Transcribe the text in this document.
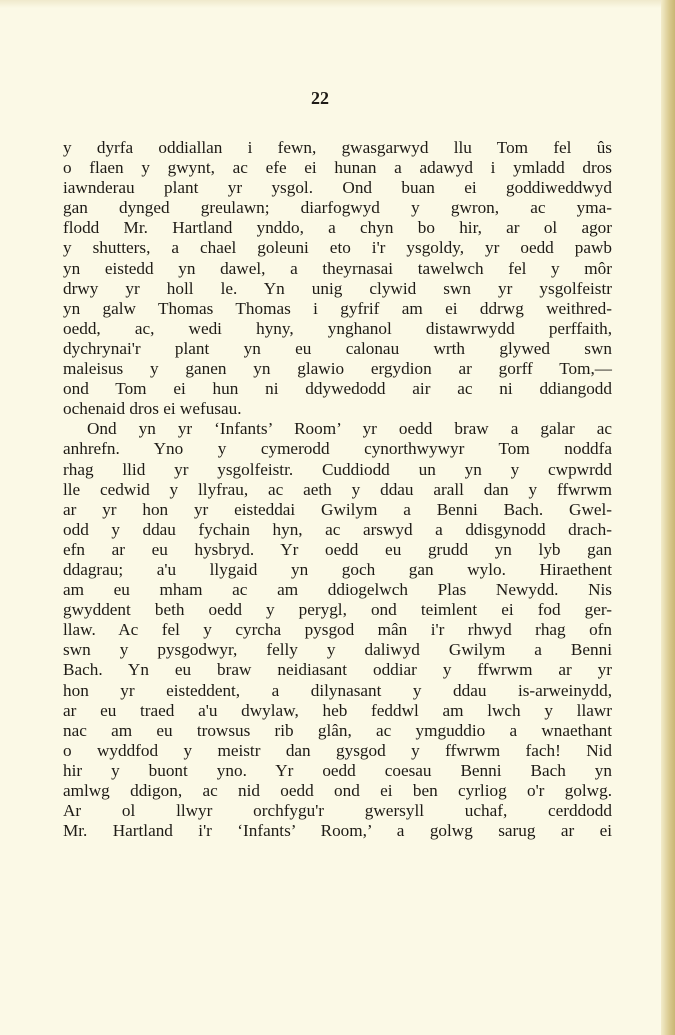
22
y dyrfa oddiallan i fewn, gwasgarwyd llu Tom fel ûs
o flaen y gwynt, ac efe ei hunan a adawyd i ymladd dros
iawnderau plant yr ysgol. Ond buan ei goddiweddwyd
gan dynged greulawn; diarfogwyd y gwron, ac yma-
flodd Mr. Hartland ynddo, a chyn bo hir, ar ol agor
y shutters, a chael goleuni eto i'r ysgoldy, yr oedd pawb
yn eistedd yn dawel, a theyrnasai tawelwch fel y môr
drwy yr holl le. Yn unig clywid swn yr ysgolfeistr
yn galw Thomas Thomas i gyfrif am ei ddrwg weithred-
oedd, ac, wedi hyny, ynghanol distawrwydd perffaith,
dychrynai'r plant yn eu calonau wrth glywed swn
maleisus y ganen yn glawio ergydion ar gorff Tom,—
ond Tom ei hun ni ddywedodd air ac ni ddiangodd
ochenaid dros ei wefusau.
Ond yn yr ‘Infants’ Room’ yr oedd braw a galar ac
anhrefn. Yno y cymerodd cynorthwywyr Tom noddfa
rhag llid yr ysgolfeistr. Cuddiodd un yn y cwpwrdd
lle cedwid y llyfrau, ac aeth y ddau arall dan y ffwrwm
ar yr hon yr eisteddai Gwilym a Benni Bach. Gwel-
odd y ddau fychain hyn, ac arswyd a ddisgynodd drach-
efn ar eu hysbryd. Yr oedd eu grudd yn lyb gan
ddagrau; a'u llygaid yn goch gan wylo. Hiraethent
am eu mham ac am ddiogelwch Plas Newydd. Nis
gwyddent beth oedd y perygl, ond teimlent ei fod ger-
llaw. Ac fel y cyrcha pysgod mân i'r rhwyd rhag ofn
swn y pysgodwyr, felly y daliwyd Gwilym a Benni
Bach. Yn eu braw neidiasant oddiar y ffwrwm ar yr
hon yr eisteddent, a dilynasant y ddau is-arweinydd,
ar eu traed a'u dwylaw, heb feddwl am lwch y llawr
nac am eu trowsus rib glân, ac ymguddio a wnaethant
o wyddfod y meistr dan gysgod y ffwrwm fach! Nid
hir y buont yno. Yr oedd coesau Benni Bach yn
amlwg ddigon, ac nid oedd ond ei ben cyrliog o'r golwg.
Ar ol llwyr orchfygu'r gwersyll uchaf, cerddodd
Mr. Hartland i'r ‘Infants’ Room,’ a golwg sarug ar ei
